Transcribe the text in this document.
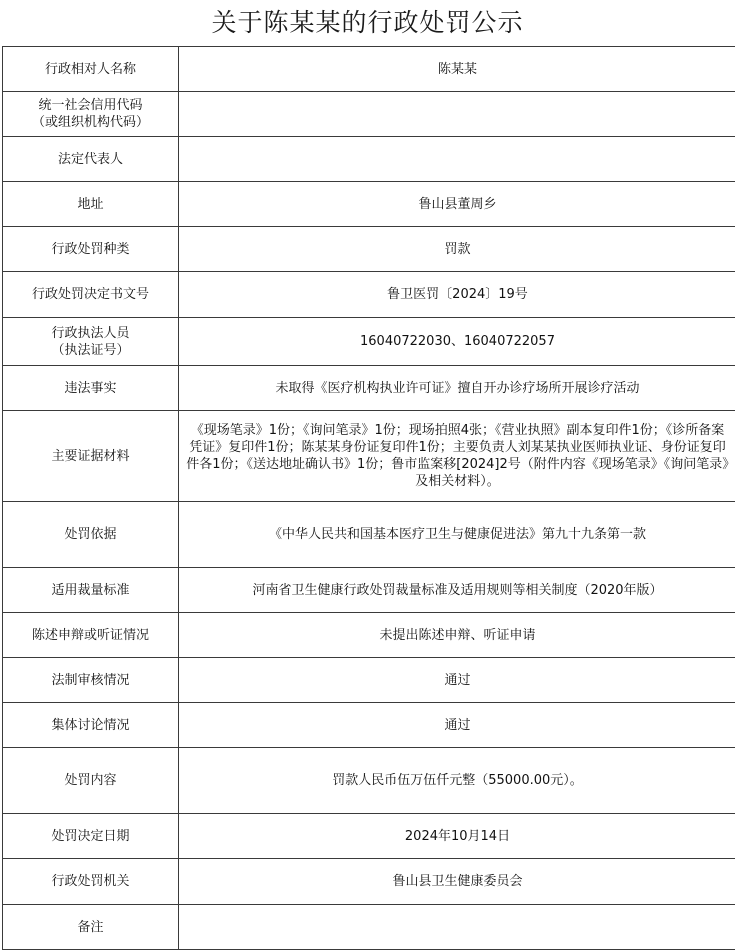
关于陈某某的行政处罚公示
行政相对人名称	陈某某

统一社会信用代码
（或组织机构代码）	

法定代表人	
地址	鲁山县董周乡
行政处罚种类	罚款
行政处罚决定书文号	鲁卫医罚〔2024〕19号

行政执法人员
（执法证号）	16040722030、16040722057
违法事实	未取得《医疗机构执业许可证》擅自开办诊疗场所开展诊疗活动
主要证据材料	《现场笔录》1份；《询问笔录》1份；现场拍照4张；《营业执照》副本复印件1份；《诊所备案凭证》复印件1份；陈某某身份证复印件1份；主要负责人刘某某执业医师执业证、身份证复印件各1份；《送达地址确认书》1份；鲁市监案移[2024]2号（附件内容《现场笔录》《询问笔录》及相关材料）。
处罚依据	《中华人民共和国基本医疗卫生与健康促进法》第九十九条第一款
适用裁量标准	河南省卫生健康行政处罚裁量标准及适用规则等相关制度（2020年版）
陈述申辩或听证情况	未提出陈述申辩、听证申请
法制审核情况	通过
集体讨论情况	通过
处罚内容	罚款人民币伍万伍仟元整（55000.00元）。
处罚决定日期	2024年10月14日
行政处罚机关	鲁山县卫生健康委员会
备注	
